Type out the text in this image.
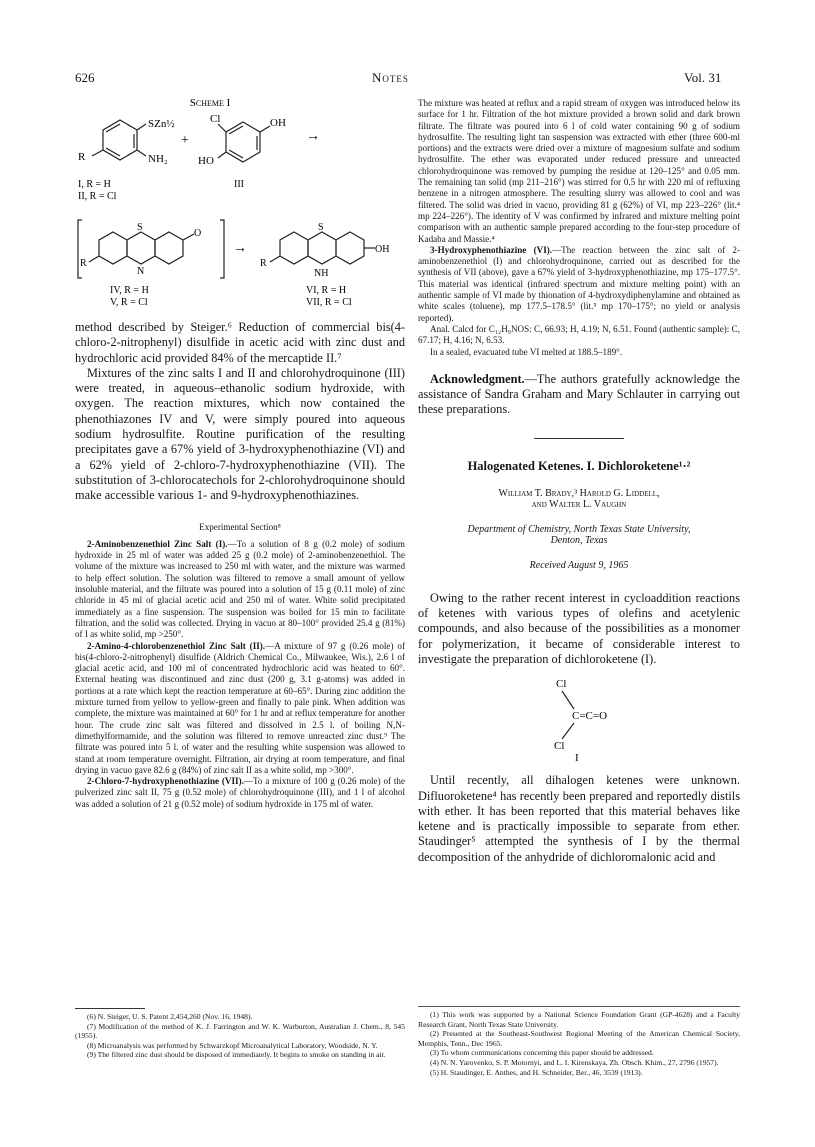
626	Notes	Vol. 31
Scheme I
SZn½
NH₂
R
+
I, R = H
II, R = Cl
Cl	OH
HO
→
III
S
N
O
R
→
IV, R = H
V, R = Cl
S
NH
OH
R
VI, R = H
VII, R = Cl

method described by Steiger.⁶ Reduction of commercial bis(4-chloro-2-nitrophenyl) disulfide in acetic acid with zinc dust and hydrochloric acid provided 84% of the mercaptide II.⁷

Mixtures of the zinc salts I and II and chlorohydroquinone (III) were treated, in aqueous–ethanolic sodium hydroxide, with oxygen. The reaction mixtures, which now contained the phenothiazones IV and V, were simply poured into aqueous sodium hydrosulfite. Routine purification of the resulting precipitates gave a 67% yield of 3-hydroxyphenothiazine (VI) and a 62% yield of 2-chloro-7-hydroxyphenothiazine (VII). The substitution of 3-chlorocatechols for 2-chlorohydroquinone should make accessible various 1- and 9-hydroxyphenothiazines.

Experimental Section⁸

2-Aminobenzenethiol Zinc Salt (I).—To a solution of 8 g (0.2 mole) of sodium hydroxide in 25 ml of water was added 25 g (0.2 mole) of 2-aminobenzenethiol. The volume of the mixture was increased to 250 ml with water, and the mixture was warmed to help effect solution. The solution was filtered to remove a small amount of yellow insoluble material, and the filtrate was poured into a solution of 15 g (0.11 mole) of zinc chloride in 45 ml of glacial acetic acid and 250 ml of water. White solid precipitated immediately as a fine suspension. The suspension was boiled for 15 min to facilitate filtration, and the solid was collected. Drying in vacuo at 80–100° provided 25.4 g (81%) of I as white solid, mp >250°.

2-Amino-4-chlorobenzenethiol Zinc Salt (II).—A mixture of 97 g (0.26 mole) of bis(4-chloro-2-nitrophenyl) disulfide (Aldrich Chemical Co., Milwaukee, Wis.), 2.6 l of glacial acetic acid, and 100 ml of concentrated hydrochloric acid was heated to 60°. External heating was discontinued and zinc dust (200 g, 3.1 g-atoms) was added in portions at a rate which kept the reaction temperature at 60–65°. During zinc addition the mixture turned from yellow to yellow-green and finally to pale pink. When addition was complete, the mixture was maintained at 60° for 1 hr and at reflux temperature for another hour. The crude zinc salt was filtered and dissolved in 2.5 l. of boiling N,N-dimethylformamide, and the solution was filtered to remove unreacted zinc dust.⁹ The filtrate was poured into 5 l. of water and the resulting white suspension was allowed to stand at room temperature overnight. Filtration, air drying at room temperature, and final drying in vacuo gave 82.6 g (84%) of zinc salt II as a white solid, mp >300°.

2-Chloro-7-hydroxyphenothiazine (VII).—To a mixture of 100 g (0.26 mole) of the pulverized zinc salt II, 75 g (0.52 mole) of chlorohydroquinone (III), and 1 l of alcohol was added a solution of 21 g (0.52 mole) of sodium hydroxide in 175 ml of water.

(6) N. Steiger, U. S. Patent 2,454,260 (Nov. 16, 1948).

(7) Modification of the method of K. J. Farrington and W. K. Warburton, Australian J. Chem., 8, 545 (1955).

(8) Microanalysis was performed by Schwarzkopf Microanalytical Laboratory, Woodside, N. Y.

(9) The filtered zinc dust should be disposed of immediately. It begins to smoke on standing in air.

The mixture was heated at reflux and a rapid stream of oxygen was introduced below its surface for 1 hr. Filtration of the hot mixture provided a brown solid and dark brown filtrate. The filtrate was poured into 6 l of cold water containing 90 g of sodium hydrosulfite. The resulting light tan suspension was extracted with ether (three 600-ml portions) and the extracts were dried over a mixture of magnesium sulfate and sodium hydrosulfite. The ether was evaporated under reduced pressure and unreacted chlorohydroquinone was removed by pumping the residue at 120–125° and 0.05 mm. The remaining tan solid (mp 211–216°) was stirred for 0.5 hr with 220 ml of refluxing benzene in a nitrogen atmosphere. The resulting slurry was allowed to cool and was filtered. The solid was dried in vacuo, providing 81 g (62%) of VI, mp 223–226° (lit.⁴ mp 224–226°). The identity of V was confirmed by infrared and mixture melting point comparison with an authentic sample prepared according to the four-step procedure of Kadaba and Massie.⁴

3-Hydroxyphenothiazine (VI).—The reaction between the zinc salt of 2-aminobenzenethiol (I) and chlorohydroquinone, carried out as described for the synthesis of VII (above), gave a 67% yield of 3-hydroxyphenothiazine, mp 175–177.5°. This material was identical (infrared spectrum and mixture melting point) with an authentic sample of VI made by thionation of 4-hydroxydiphenylamine and obtained as white scales (toluene), mp 177.5–178.5° (lit.⁵ mp 170–175°; no yield or analysis reported).

Anal. Calcd for C₁₂H₉NOS: C, 66.93; H, 4.19; N, 6.51. Found (authentic sample): C, 67.17; H, 4.16; N, 6.53.

In a sealed, evacuated tube VI melted at 188.5–189°.

Acknowledgment.—The authors gratefully acknowledge the assistance of Sandra Graham and Mary Schlauter in carrying out these preparations.

Halogenated Ketenes. I. Dichloroketene¹·²

William T. Brady,³ Harold G. Liddell,

and Walter L. Vaughn

Department of Chemistry, North Texas State University,

Denton, Texas

Received August 9, 1965

Owing to the rather recent interest in cycloaddition reactions of ketenes with various types of olefins and acetylenic compounds, and also because of the possibilities as a monomer for polymerization, it became of considerable interest to investigate the preparation of dichloroketene (I).

Cl
C=C=O
Cl
I

Until recently, all dihalogen ketenes were unknown. Difluoroketene⁴ has recently been prepared and reportedly distils with ether. It has been reported that this material behaves like ketene and is practically impossible to separate from ether. Staudinger⁵ attempted the synthesis of I by the thermal decomposition of the anhydride of dichloromalonic acid and

(1) This work was supported by a National Science Foundation Grant (GP-4628) and a Faculty Research Grant, North Texas State University.

(2) Presented at the Southeast-Southwest Regional Meeting of the American Chemical Society, Memphis, Tenn., Dec 1965.

(3) To whom communications concerning this paper should be addressed.

(4) N. N. Yarovenko, S. P. Motornyi, and L. I. Kirenskaya, Zh. Obsch. Khim., 27, 2796 (1957).

(5) H. Staudinger, E. Anthes, and H. Schneider, Ber., 46, 3539 (1913).
